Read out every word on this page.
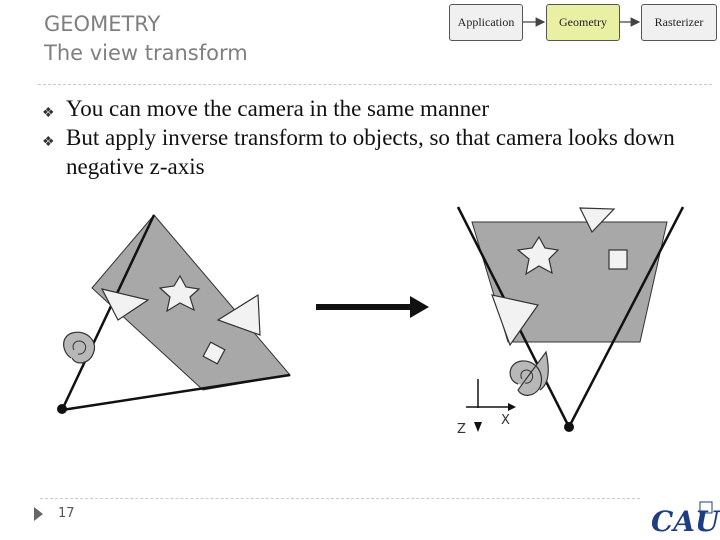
GEOMETRY
The view transform
Application	Geometry	Rasterizer
❖ You can move the camera in the same manner
❖ But apply inverse transform to objects, so that camera looks down negative z-axis
Z
X
CAU
17
